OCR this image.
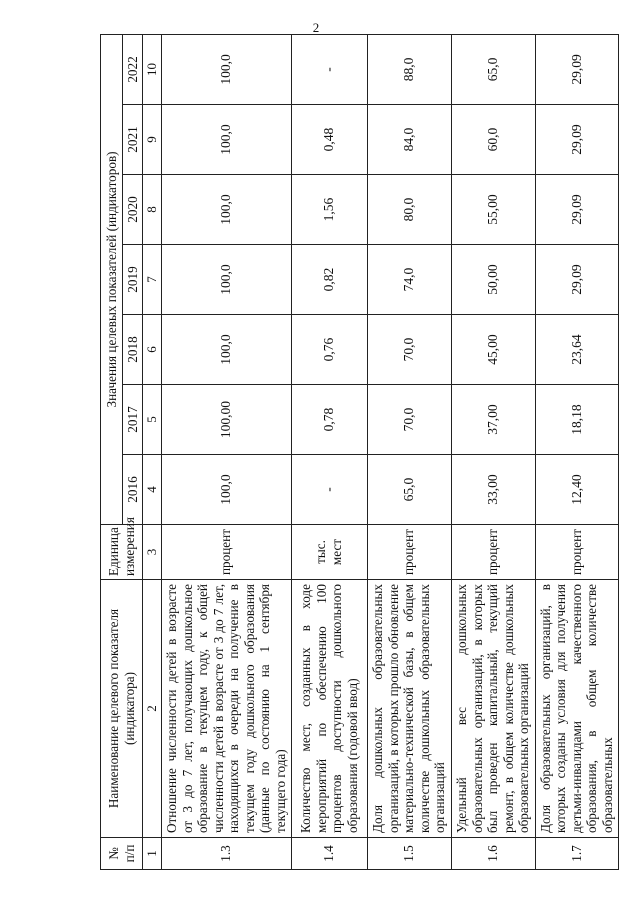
2
№ п/п	Наименование целевого показателя (индикатора)	Единица измерения	Значения целевых показателей (индикаторов)						
			2016	2017	2018	2019	2020	2021	2022
1	2	3	4	5	6	7	8	9	10
1.3	Отношение численности детей в возрасте от 3 до 7 лет, получающих дошкольное образование в текущем году, к общей численности детей в возрасте от 3 до 7 лет, находящихся в очереди на получение в текущем году дошкольного образования (данные по состоянию на 1 сентября текущего года)	процент	100,0	100,00	100,0	100,0	100,0	100,0	100,0
1.4	Количество мест, созданных в ходе мероприятий по обеспечению 100 процентов доступности дошкольного образования (годовой ввод)	тыс. мест	-	0,78	0,76	0,82	1,56	0,48	-
1.5	Доля дошкольных образовательных организаций, в которых прошло обновление материально-технической базы, в общем количестве дошкольных образовательных организаций	процент	65,0	70,0	70,0	74,0	80,0	84,0	88,0
1.6	Удельный вес дошкольных образовательных организаций, в которых был проведен капитальный, текущий ремонт, в общем количестве дошкольных образовательных организаций	процент	33,00	37,00	45,00	50,00	55,00	60,0	65,0
1.7	Доля образовательных организаций, в которых созданы условия для получения детьми-инвалидами качественного образования, в общем количестве образовательных	процент	12,40	18,18	23,64	29,09	29,09	29,09	29,09
